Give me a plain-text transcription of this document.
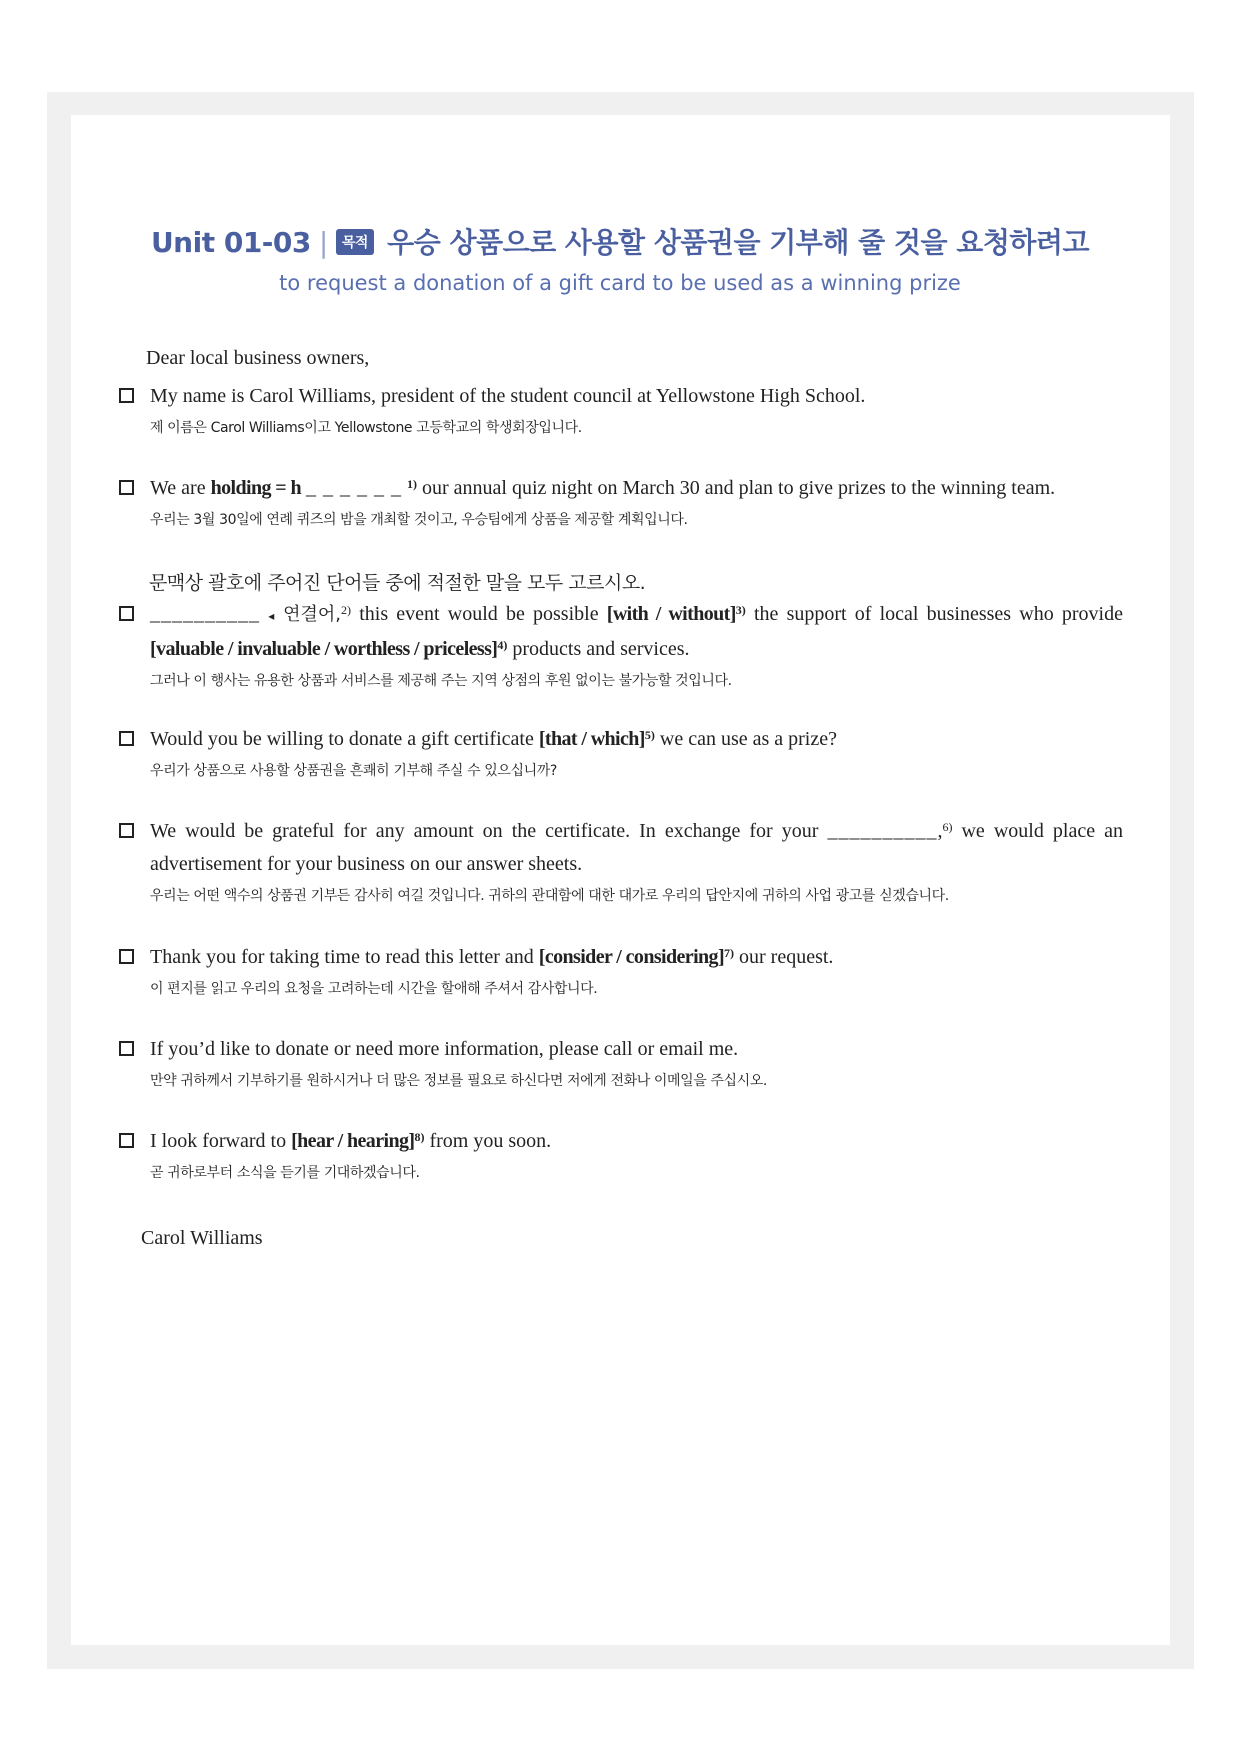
Unit 01-03 | 목적 우승 상품으로 사용할 상품권을 기부해 줄 것을 요청하려고
to request a donation of a gift card to be used as a winning prize
Dear local business owners,
My name is Carol Williams, president of the student council at Yellowstone High School.
제 이름은 Carol Williams이고 Yellowstone 고등학교의 학생회장입니다.
We are holding = h _ _ _ _ _ _ $^{1)}$ our annual quiz night on March 30 and plan to give prizes to the winning team.
우리는 3월 30일에 연례 퀴즈의 밤을 개최할 것이고, 우승팀에게 상품을 제공할 계획입니다.
문맥상 괄호에 주어진 단어들 중에 적절한 말을 모두 고르시오.
__________ ◂ 연결어,$^{2)}$ this event would be possible [with / without]$^{3)}$ the support of local businesses who provide [valuable / invaluable / worthless / priceless]$^{4)}$ products and services.
그러나 이 행사는 유용한 상품과 서비스를 제공해 주는 지역 상점의 후원 없이는 불가능할 것입니다.
Would you be willing to donate a gift certificate [that / which]$^{5)}$ we can use as a prize?
우리가 상품으로 사용할 상품권을 흔쾌히 기부해 주실 수 있으십니까?
We would be grateful for any amount on the certificate. In exchange for your __________,$^{6)}$ we would place an advertisement for your business on our answer sheets.
우리는 어떤 액수의 상품권 기부든 감사히 여길 것입니다. 귀하의 관대함에 대한 대가로 우리의 답안지에 귀하의 사업 광고를 싣겠습니다.
Thank you for taking time to read this letter and [consider / considering]$^{7)}$ our request.
이 편지를 읽고 우리의 요청을 고려하는데 시간을 할애해 주셔서 감사합니다.
If you’d like to donate or need more information, please call or email me.
만약 귀하께서 기부하기를 원하시거나 더 많은 정보를 필요로 하신다면 저에게 전화나 이메일을 주십시오.
I look forward to [hear / hearing]$^{8)}$ from you soon.
곧 귀하로부터 소식을 듣기를 기대하겠습니다.
Carol Williams
